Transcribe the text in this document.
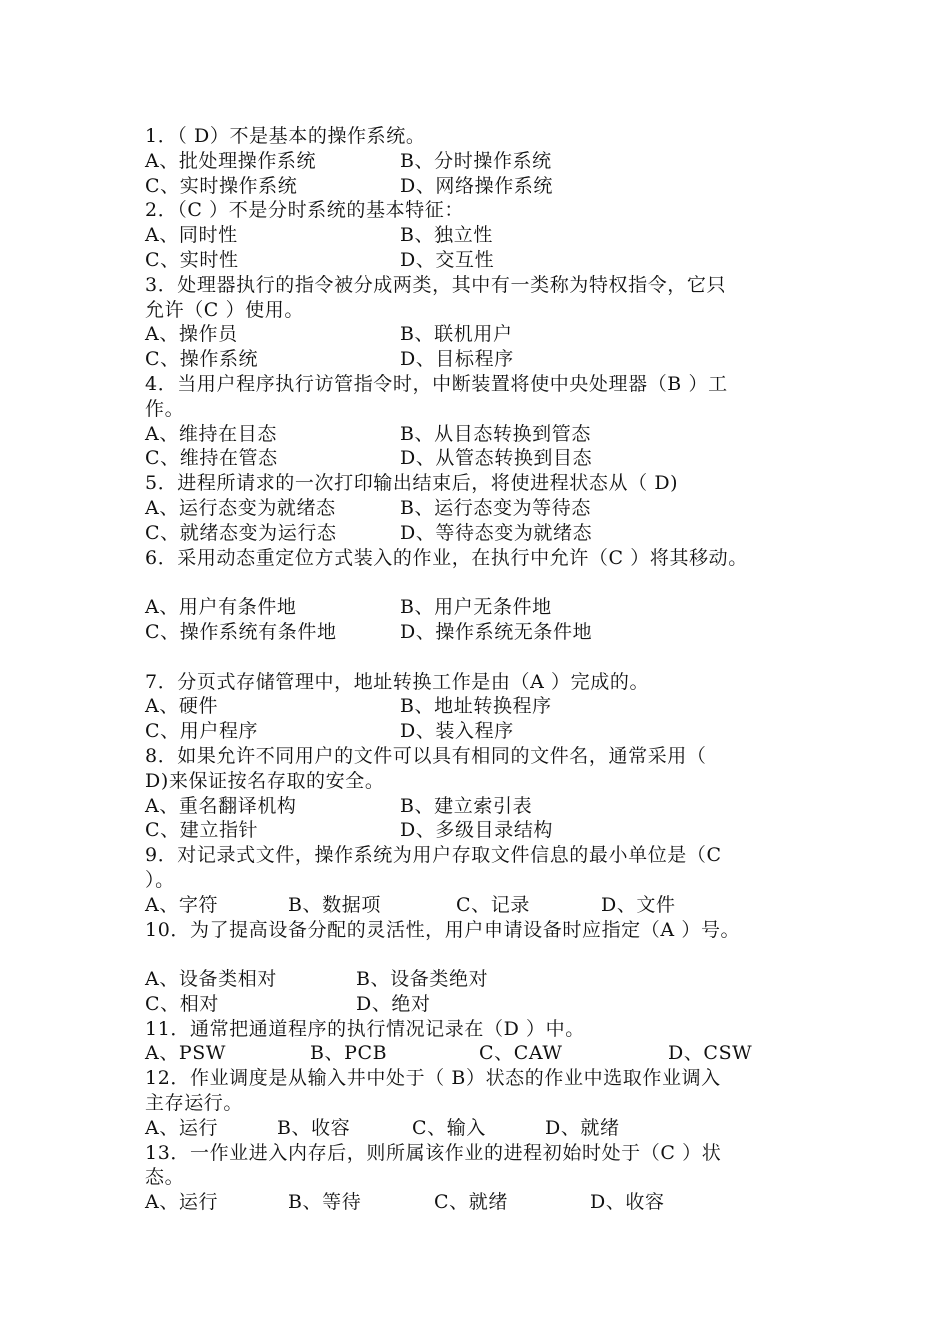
1．（ D）不是基本的操作系统。

A、批处理操作系统

	B、分时操作系统

C、实时操作系统

	D、网络操作系统

2．（C ）不是分时系统的基本特征：

A、同时性

	B、独立性

C、实时性

	D、交互性

3．处理器执行的指令被分成两类，其中有一类称为特权指令，它只
允许（C ）使用。

A、操作员

	B、联机用户

C、操作系统

	D、目标程序

4．当用户程序执行访管指令时，中断装置将使中央处理器（B ）工
作。

A、维持在目态

	B、从目态转换到管态

C、维持在管态

	D、从管态转换到目态

5．进程所请求的一次打印输出结束后，将使进程状态从（ D)

A、运行态变为就绪态

	B、运行态变为等待态

C、就绪态变为运行态

	D、等待态变为就绪态

6．采用动态重定位方式装入的作业，在执行中允许（C ）将其移动。

A、用户有条件地

	B、用户无条件地

C、操作系统有条件地

	D、操作系统无条件地

7．分页式存储管理中，地址转换工作是由（A ）完成的。

A、硬件

	B、地址转换程序

C、用户程序

	D、装入程序

8．如果允许不同用户的文件可以具有相同的文件名，通常采用（
D)来保证按名存取的安全。

A、重名翻译机构

	B、建立索引表

C、建立指针

	D、多级目录结构

9．对记录式文件，操作系统为用户存取文件信息的最小单位是（C
）。

A、字符

	B、数据项

	C、记录

	D、文件

10．为了提高设备分配的灵活性，用户申请设备时应指定（A ）号。

A、设备类相对

	B、设备类绝对

C、相对

	D、绝对

11．通常把通道程序的执行情况记录在（D ）中。

A、PSW

	B、PCB

	C、CAW

	D、CSW

12．作业调度是从输入井中处于（ B）状态的作业中选取作业调入
主存运行。

A、运行

	B、收容

	C、输入

	D、就绪

13．一作业进入内存后，则所属该作业的进程初始时处于（C ）状
态。

A、运行

	B、等待

	C、就绪

	D、收容
